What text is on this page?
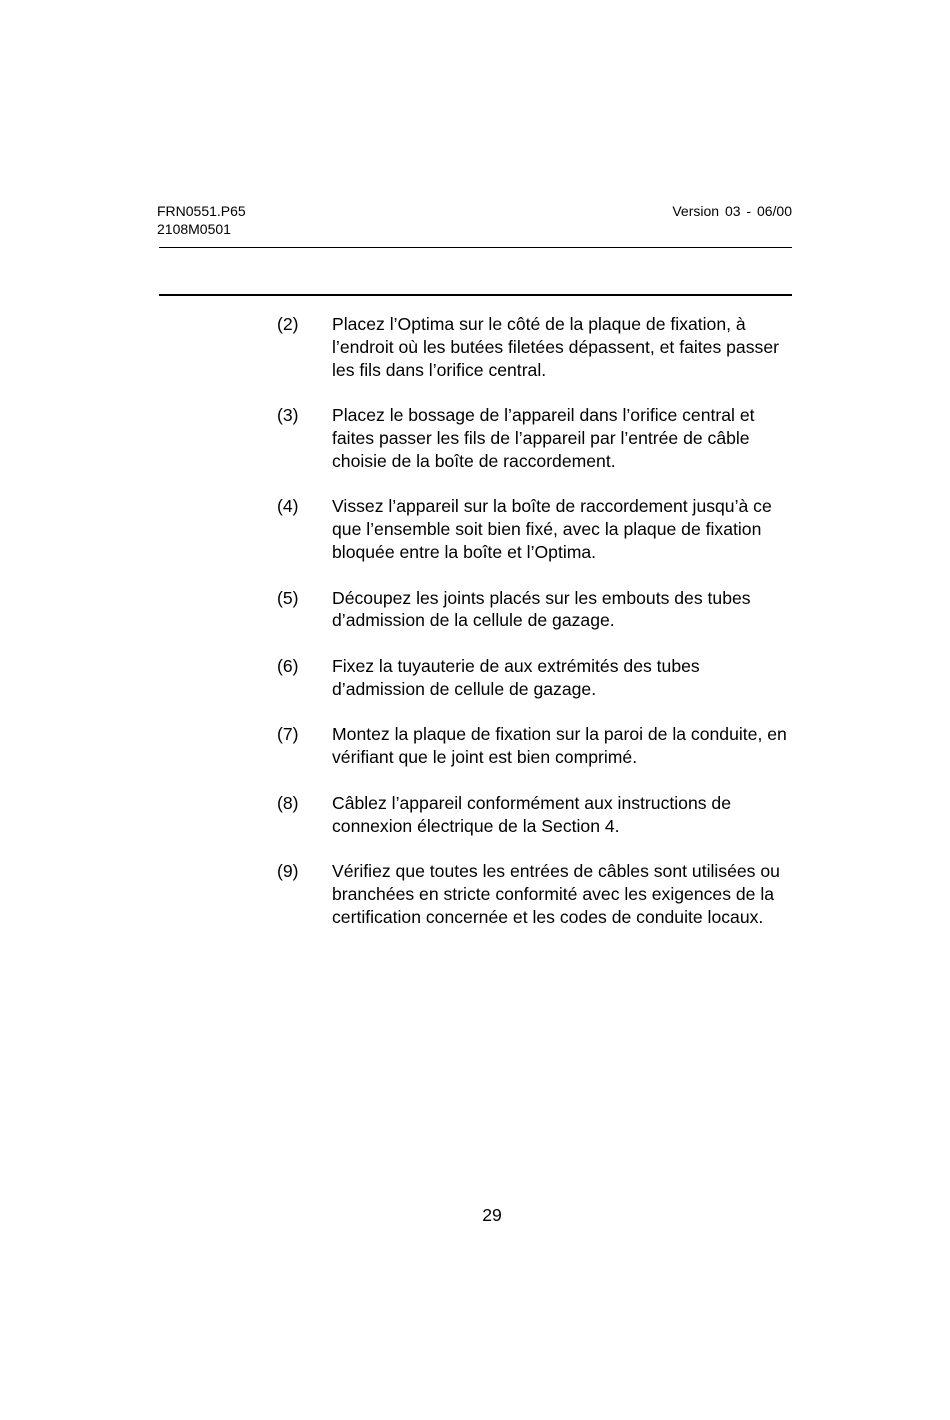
FRN0551.P65
2108M0501
Version 03 - 06/00
(2)	Placez l’Optima sur le côté de la plaque de fixation, à l’endroit où les butées filetées dépassent, et faites passer les fils dans l’orifice central.
(3)	Placez le bossage de l’appareil dans l’orifice central et faites passer les fils de l’appareil par l’entrée de câble choisie de la boîte de raccordement.
(4)	Vissez l’appareil sur la boîte de raccordement jusqu’à ce que l’ensemble soit bien fixé, avec la plaque de fixation bloquée entre la boîte et l’Optima.
(5)	Découpez les joints placés sur les embouts des tubes d’admission de la cellule de gazage.
(6)	Fixez la tuyauterie de aux extrémités des tubes d’admission de cellule de gazage.
(7)	Montez la plaque de fixation sur la paroi de la conduite, en vérifiant que le joint est bien comprimé.
(8)	Câblez l’appareil conformément aux instructions de connexion électrique de la Section 4.
(9)	Vérifiez que toutes les entrées de câbles sont utilisées ou branchées en stricte conformité avec les exigences de la certification concernée et les codes de conduite locaux.
29
